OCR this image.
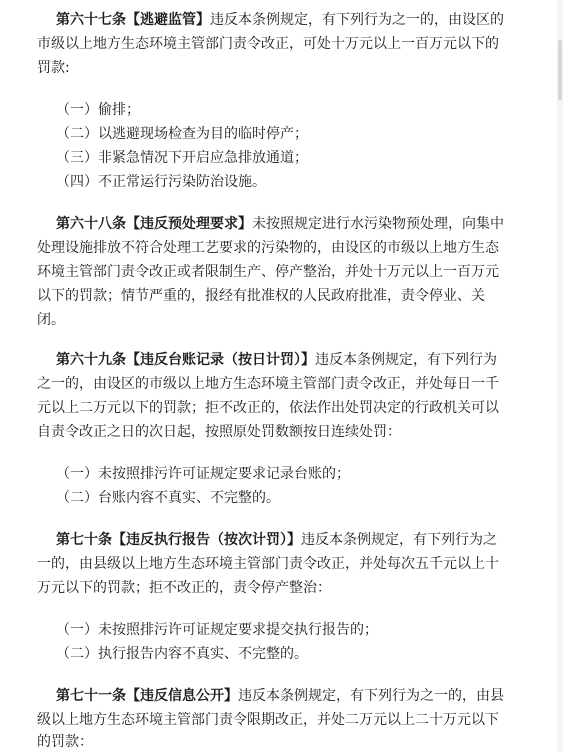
第六十七条【逃避监管】违反本条例规定，有下列行为之一的，由设区的
市级以上地方生态环境主管部门责令改正，可处十万元以上一百万元以下的
罚款:
（一）偷排；
（二）以逃避现场检查为目的临时停产；
（三）非紧急情况下开启应急排放通道；
（四）不正常运行污染防治设施。
第六十八条【违反预处理要求】未按照规定进行水污染物预处理，向集中
处理设施排放不符合处理工艺要求的污染物的，由设区的市级以上地方生态
环境主管部门责令改正或者限制生产、停产整治，并处十万元以上一百万元
以下的罚款；情节严重的，报经有批准权的人民政府批准，责令停业、关
闭。
第六十九条【违反台账记录（按日计罚）】违反本条例规定，有下列行为
之一的，由设区的市级以上地方生态环境主管部门责令改正，并处每日一千
元以上二万元以下的罚款；拒不改正的，依法作出处罚决定的行政机关可以
自责令改正之日的次日起，按照原处罚数额按日连续处罚：
（一）未按照排污许可证规定要求记录台账的；
（二）台账内容不真实、不完整的。
第七十条【违反执行报告（按次计罚）】违反本条例规定，有下列行为之
一的，由县级以上地方生态环境主管部门责令改正，并处每次五千元以上十
万元以下的罚款；拒不改正的，责令停产整治：
（一）未按照排污许可证规定要求提交执行报告的；
（二）执行报告内容不真实、不完整的。
第七十一条【违反信息公开】违反本条例规定，有下列行为之一的，由县
级以上地方生态环境主管部门责令限期改正，并处二万元以上二十万元以下
的罚款：
